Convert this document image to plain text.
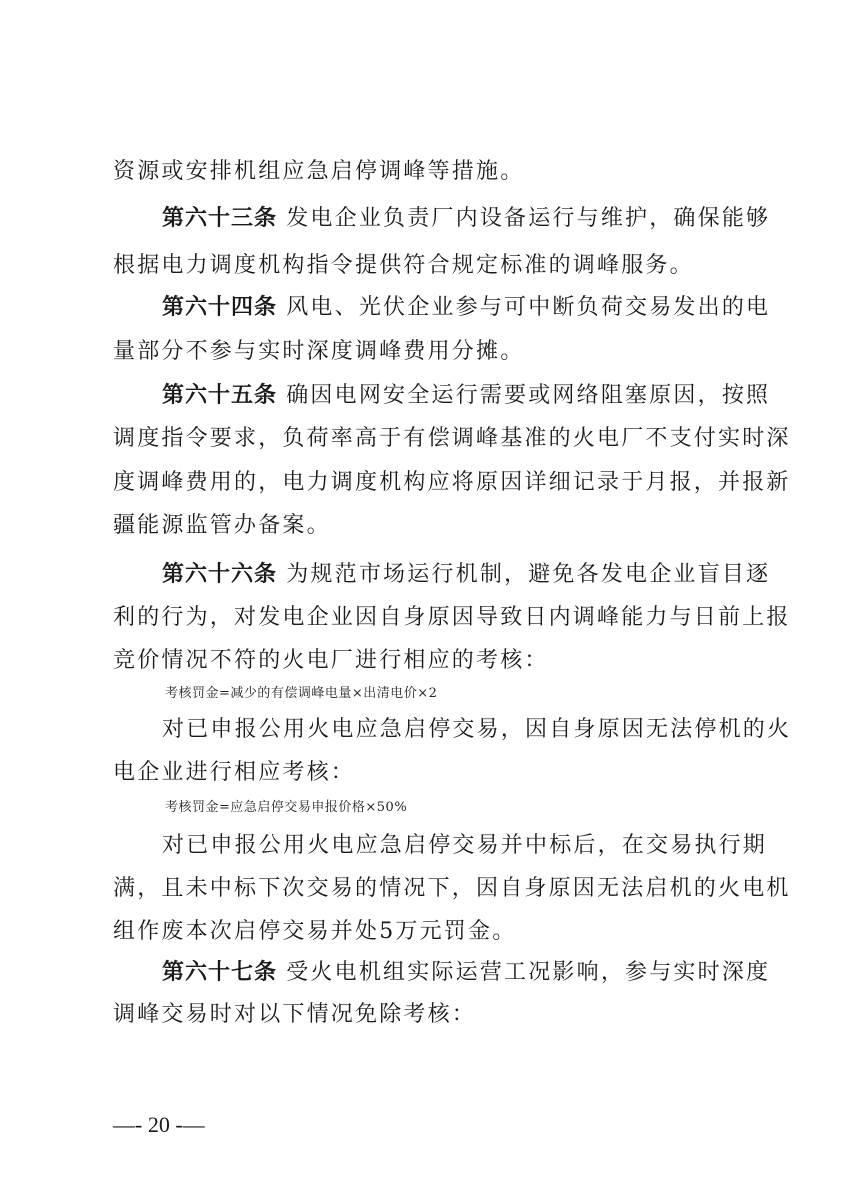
资源或安排机组应急启停调峰等措施。
第六十三条 发电企业负责厂内设备运行与维护，确保能够
根据电力调度机构指令提供符合规定标准的调峰服务。
第六十四条 风电、光伏企业参与可中断负荷交易发出的电
量部分不参与实时深度调峰费用分摊。
第六十五条 确因电网安全运行需要或网络阻塞原因，按照
调度指令要求，负荷率高于有偿调峰基准的火电厂不支付实时深
度调峰费用的，电力调度机构应将原因详细记录于月报，并报新
疆能源监管办备案。
第六十六条 为规范市场运行机制，避免各发电企业盲目逐
利的行为，对发电企业因自身原因导致日内调峰能力与日前上报
竞价情况不符的火电厂进行相应的考核：
考核罚金=减少的有偿调峰电量×出清电价×2
对已申报公用火电应急启停交易，因自身原因无法停机的火
电企业进行相应考核：
考核罚金=应急启停交易申报价格×50%
对已申报公用火电应急启停交易并中标后，在交易执行期
满，且未中标下次交易的情况下，因自身原因无法启机的火电机
组作废本次启停交易并处5万元罚金。
第六十七条 受火电机组实际运营工况影响，参与实时深度
调峰交易时对以下情况免除考核：
—- 20 -—
